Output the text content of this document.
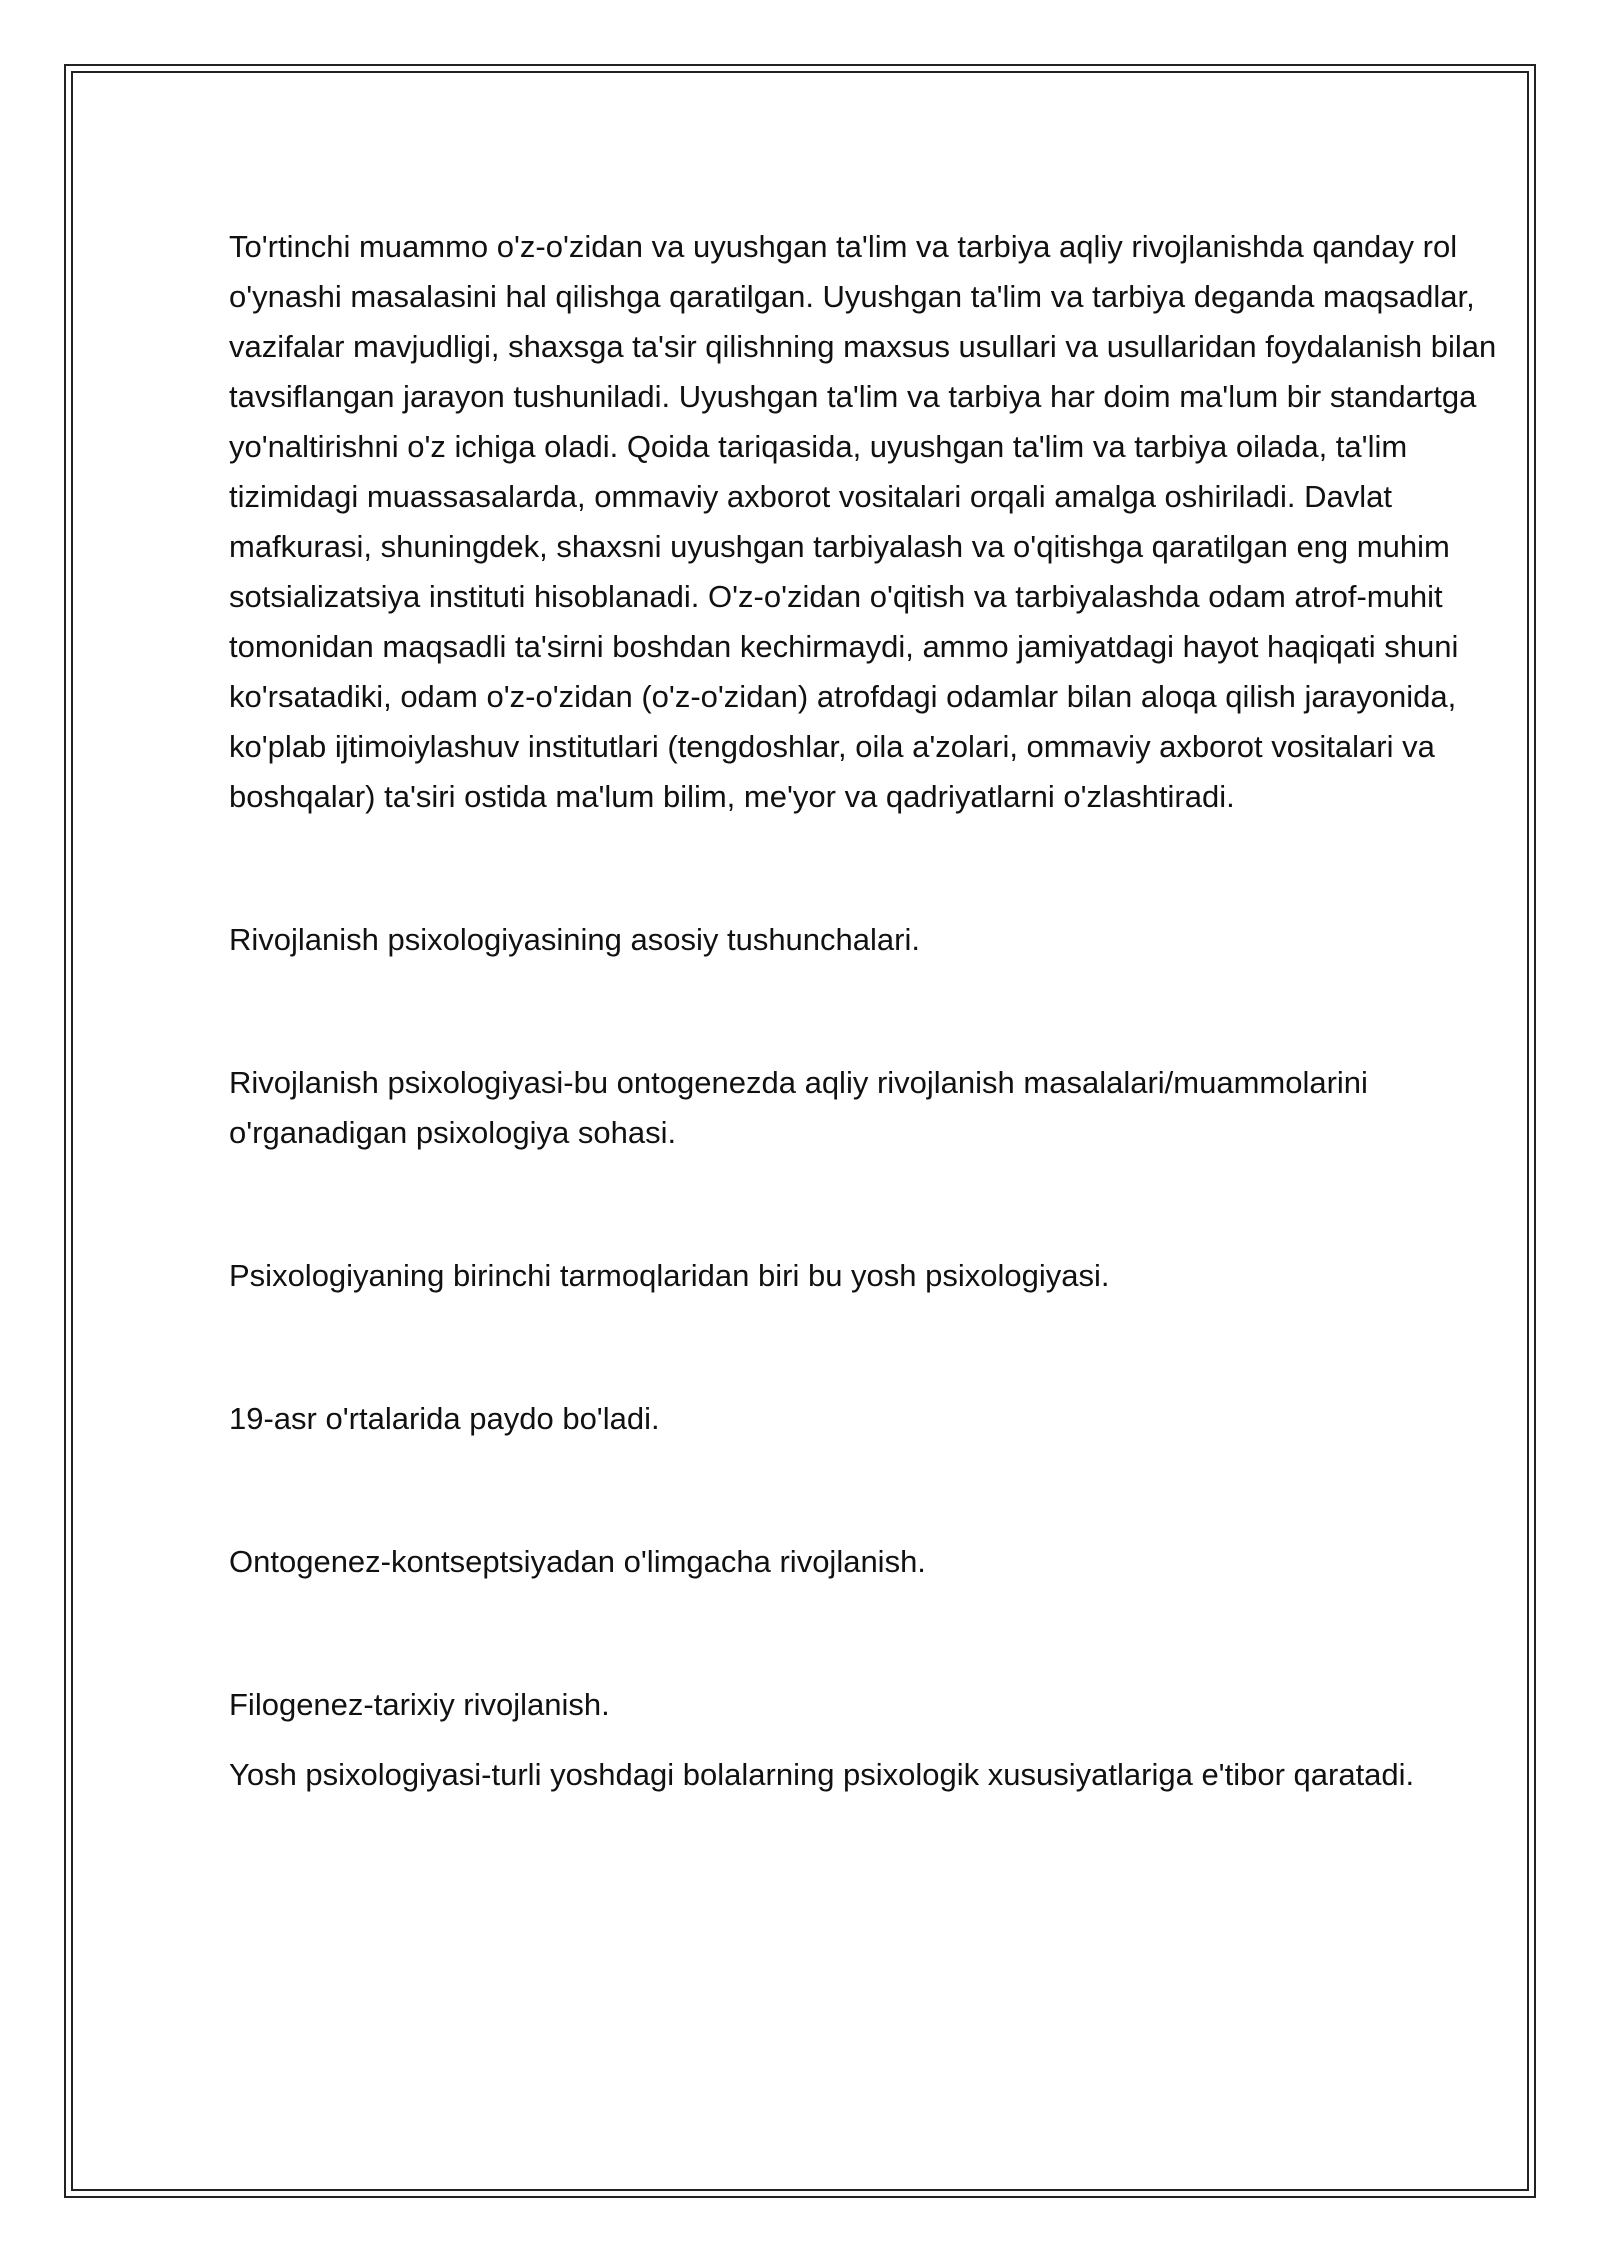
To'rtinchi muammo o'z-o'zidan va uyushgan ta'lim va tarbiya aqliy rivojlanishda qanday rol o'ynashi masalasini hal qilishga qaratilgan. Uyushgan ta'lim va tarbiya deganda maqsadlar, vazifalar mavjudligi, shaxsga ta'sir qilishning maxsus usullari va usullaridan foydalanish bilan tavsiflangan jarayon tushuniladi. Uyushgan ta'lim va tarbiya har doim ma'lum bir standartga yo'naltirishni o'z ichiga oladi. Qoida tariqasida, uyushgan ta'lim va tarbiya oilada, ta'lim tizimidagi muassasalarda, ommaviy axborot vositalari orqali amalga oshiriladi. Davlat mafkurasi, shuningdek, shaxsni uyushgan tarbiyalash va o'qitishga qaratilgan eng muhim sotsializatsiya instituti hisoblanadi. O'z-o'zidan o'qitish va tarbiyalashda odam atrof-muhit tomonidan maqsadli ta'sirni boshdan kechirmaydi, ammo jamiyatdagi hayot haqiqati shuni ko'rsatadiki, odam o'z-o'zidan (o'z-o'zidan) atrofdagi odamlar bilan aloqa qilish jarayonida, ko'plab ijtimoiylashuv institutlari (tengdoshlar, oila a'zolari, ommaviy axborot vositalari va boshqalar) ta'siri ostida ma'lum bilim, me'yor va qadriyatlarni o'zlashtiradi.

Rivojlanish psixologiyasining asosiy tushunchalari.

Rivojlanish psixologiyasi-bu ontogenezda aqliy rivojlanish masalalari/muammolarini o'rganadigan psixologiya sohasi.

Psixologiyaning birinchi tarmoqlaridan biri bu yosh psixologiyasi.

19-asr o'rtalarida paydo bo'ladi.

Ontogenez-kontseptsiyadan o'limgacha rivojlanish.

Filogenez-tarixiy rivojlanish.

Yosh psixologiyasi-turli yoshdagi bolalarning psixologik xususiyatlariga e'tibor qaratadi.
